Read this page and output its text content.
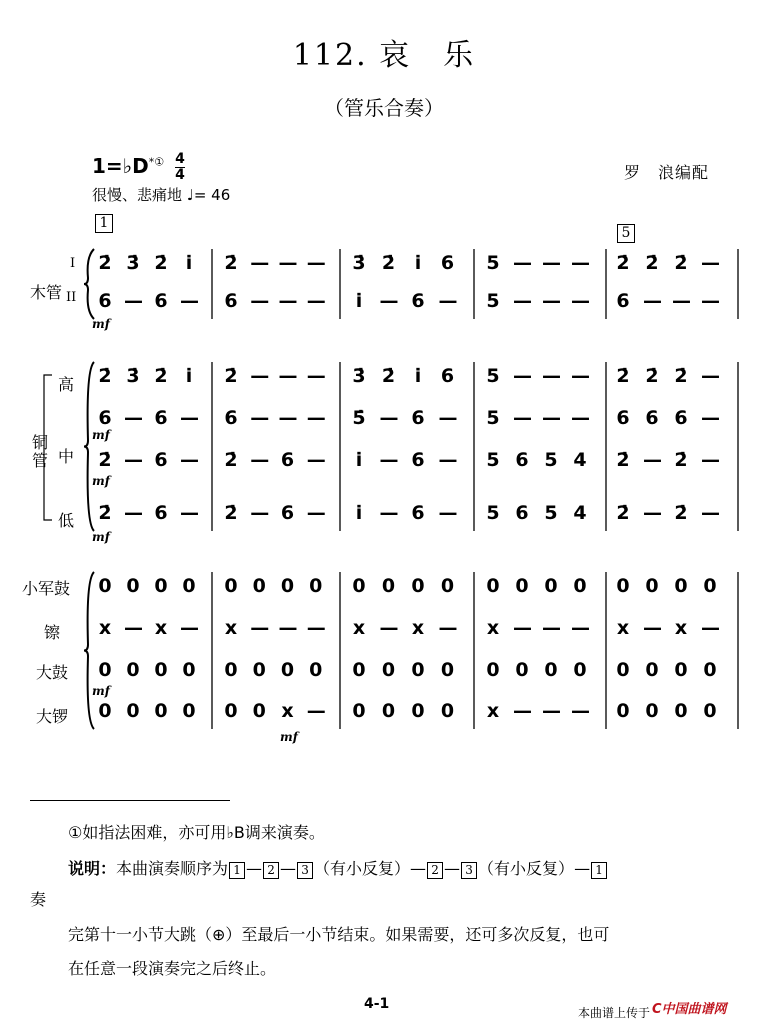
112. 哀　乐
（管乐合奏）
1=♭D*① $\frac{4}{4}$
很慢、悲痛地 ♩= 46
罗　浪编配
1
5
木管
I
II
铜
管
高
中
低
小军鼓
镲
大鼓
大锣
2̇ 3̇ 2̇ i̇	2̇ — — — 3̇ 2̇	i̇	6 5 — — — 2̇ 2̇ 2̇ —
6 — 6 — 6 — — —	i̇ — 6 — 5 — — — 6 — — —
2̇ 3̇ 2̇ i̇	2̇ — — — 3̇ 2̇	i̇	6 5 — — — 2̇ 2̇ 2̇ —
6 — 6 — 6 — — — 5̇ — 6 — 5 — — — 6 6 6 —
2̇ — 6 — 2̇ — 6 —	i̇ — 6 — 5 6 5 4 2̇ — 2̇ —
2̇ — 6 — 2̇ — 6 —	i̇ — 6 — 5 6 5 4 2̇ — 2̇ —
0 0 0 0 0 0 0 0 0 0 0 0 0 0 0 0 0 0 0 0
x — x — x — — — x — x — x — — — x — x —
0 0 0 0 0 0 0 0 0 0 0 0 0 0 0 0 0 0 0 0
0 0 0 0 0 0 x — 0 0 0 0 x — — — 0 0 0 0
mf
mf
mf
mf
mf
mf
①如指法困难，亦可用♭B调来演奏。
说明：本曲演奏顺序为 1 — 2 — 3 （有小反复）— 2 — 3 （有小反复）— 1
奏
完第十一小节大跳（⊕）至最后一小节结束。如果需要，还可多次反复，也可
在任意一段演奏完之后终止。
4-1
本曲谱上传于 C中国曲谱网
